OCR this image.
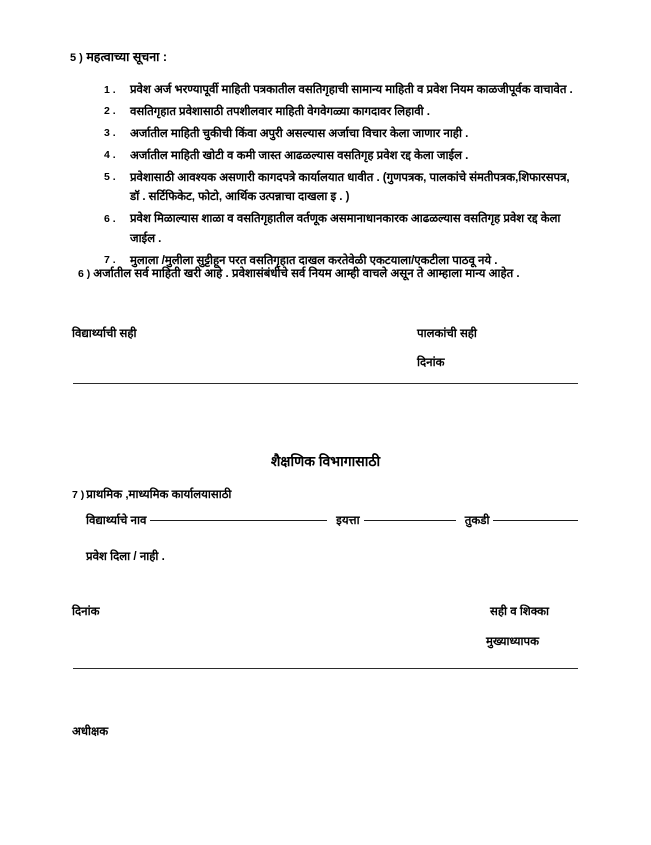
5 ) महत्वाच्या सूचना :
1 .	प्रवेश अर्ज भरण्यापूर्वी माहिती पत्रकातील वसतिगृहाची सामान्य माहिती व प्रवेश नियम काळजीपूर्वक वाचावेत .
2 .	वसतिगृहात प्रवेशासाठी तपशीलवार माहिती वेगवेगळ्या कागदावर लिहावी .
3 .	अर्जातील माहिती चुकीची किंवा अपुरी असल्यास अर्जाचा विचार केला जाणार नाही .
4 .	अर्जातील माहिती खोटी व कमी जास्त आढळल्यास वसतिगृह प्रवेश रद्द केला जाईल .
5 .	प्रवेशासाठी आवश्यक असणारी कागदपत्रे कार्यालयात धावीत . (गुणपत्रक, पालकांचे संमतीपत्रक,शिफारसपत्र,
डॉ . सर्टिफिकेट, फोटो, आर्थिक उत्पन्नाचा दाखला इ . )
6 .	प्रवेश मिळाल्यास शाळा व वसतिगृहातील वर्तणूक असमानाधानकारक आढळल्यास वसतिगृह प्रवेश रद्द केला
जाईल .
7 .	मुलाला /मुलीला सुट्टीहून परत वसतिगृहात दाखल करतेवेळी एकटयाला/एकटीला पाठवू नये .
6 ) अर्जातील सर्व माहिती खरी आहे . प्रवेशासंबंधीचे सर्व नियम आम्ही वाचले असून ते आम्हाला मान्य आहेत .
विद्यार्थ्याची सही	पालकांची सही
दिनांक
शैक्षणिक विभागासाठी
7 ) प्राथमिक ,माध्यमिक कार्यालयासाठी
विद्यार्थ्याचे नाव	इयत्ता	तुकडी
प्रवेश दिला / नाही .
दिनांक	सही व शिक्का
मुख्याध्यापक
अधीक्षक
